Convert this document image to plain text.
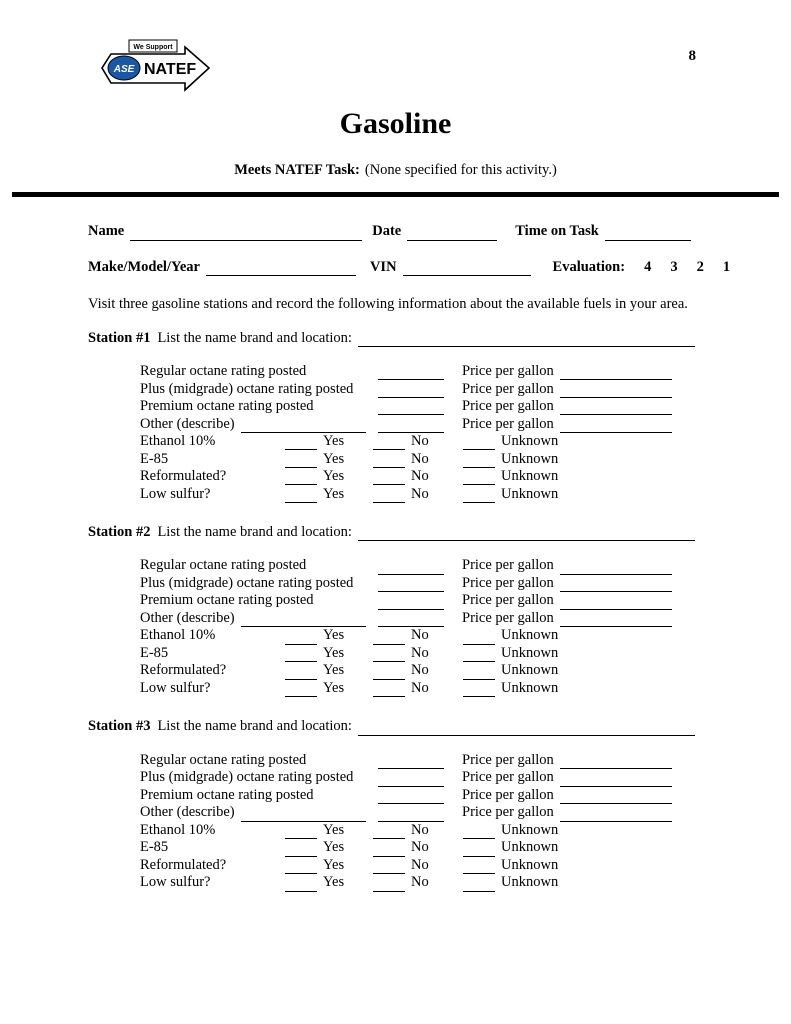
8
We Support
ASE NATEF
Gasoline
Meets NATEF Task: (None specified for this activity.)
Name	Date	Time on Task
Make/Model/Year	VIN	Evaluation: 4 3 2 1
Visit three gasoline stations and record the following information about the available fuels in your area.
Station #1 List the name brand and location:
Regular octane rating posted	Price per gallon
Plus (midgrade) octane rating posted	Price per gallon
Premium octane rating posted	Price per gallon
Other (describe)	Price per gallon
Ethanol 10%	Yes	No	Unknown
E-85	Yes	No	Unknown
Reformulated?	Yes	No	Unknown
Low sulfur?	Yes	No	Unknown
Station #2 List the name brand and location:
Regular octane rating posted	Price per gallon
Plus (midgrade) octane rating posted	Price per gallon
Premium octane rating posted	Price per gallon
Other (describe)	Price per gallon
Ethanol 10%	Yes	No	Unknown
E-85	Yes	No	Unknown
Reformulated?	Yes	No	Unknown
Low sulfur?	Yes	No	Unknown
Station #3 List the name brand and location:
Regular octane rating posted	Price per gallon
Plus (midgrade) octane rating posted	Price per gallon
Premium octane rating posted	Price per gallon
Other (describe)	Price per gallon
Ethanol 10%	Yes	No	Unknown
E-85	Yes	No	Unknown
Reformulated?	Yes	No	Unknown
Low sulfur?	Yes	No	Unknown
